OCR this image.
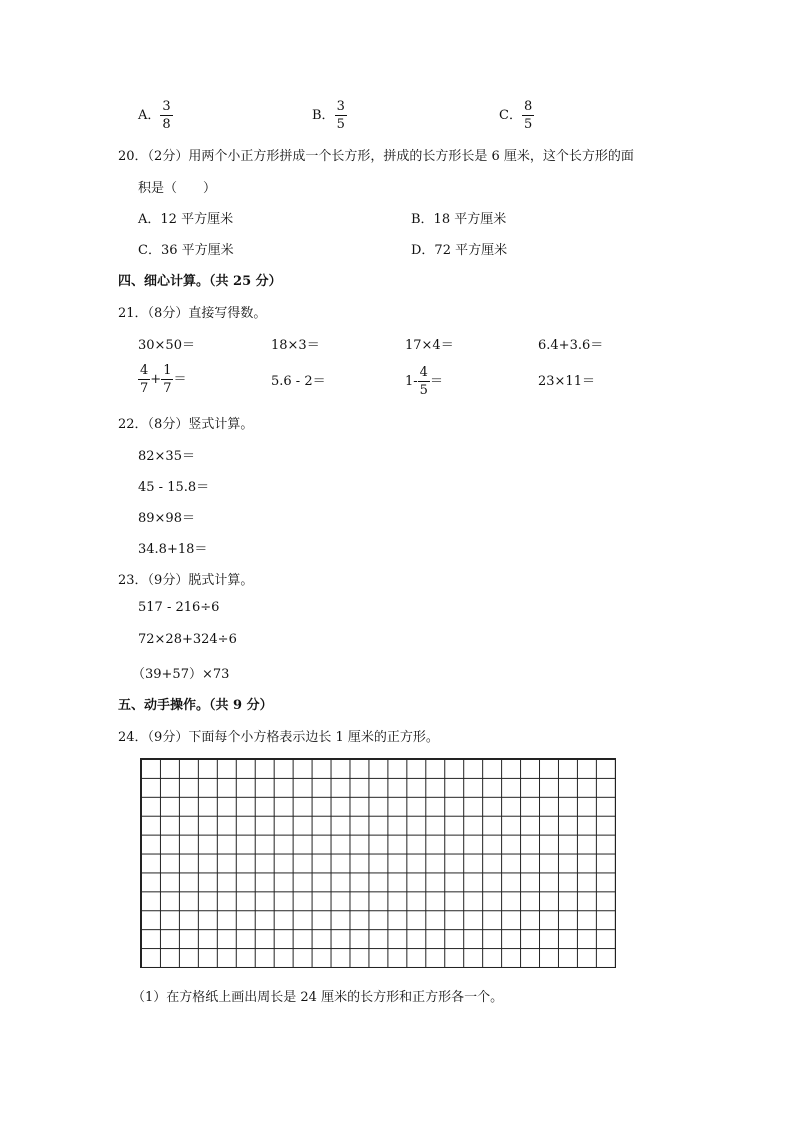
A． $\frac{3}{8}$	B． $\frac{3}{5}$	C． $\frac{8}{5}$
20．（2分）用两个小正方形拼成一个长方形，拼成的长方形长是 6 厘米，这个长方形的面
积是（　　）
A．12 平方厘米	B．18 平方厘米
C．36 平方厘米	D．72 平方厘米
四、细心计算。（共 25 分）
21．（8分）直接写得数。
30×50＝	18×3＝	17×4＝	6.4+3.6＝
$\frac{4}{7} + \frac{1}{7}$ ＝	5.6 - 2＝	$1- \frac{4}{5}$ ＝	23×11＝
22．（8分）竖式计算。
82×35＝
45 - 15.8＝
89×98＝
34.8+18＝
23．（9分）脱式计算。
517 - 216÷6
72×28+324÷6
（39+57）×73
五、动手操作。（共 9 分）
24．（9分）下面每个小方格表示边长 1 厘米的正方形。
（1）在方格纸上画出周长是 24 厘米的长方形和正方形各一个。
